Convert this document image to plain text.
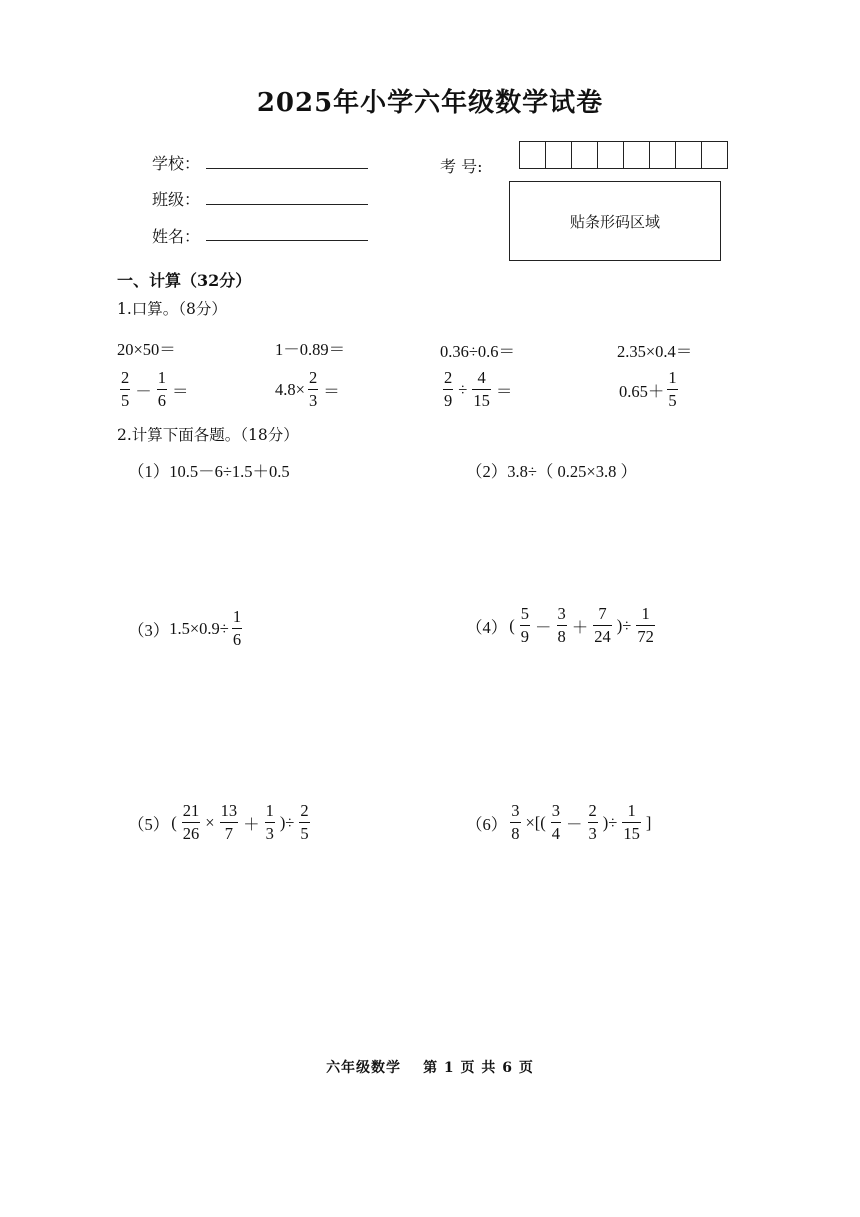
2025年小学六年级数学试卷
学校：
班级：
姓名：
考 号:
贴条形码区域
一、计算（32分）
1.口算。（8分）
20×50＝	1－0.89＝	0.36÷0.6＝	2.35×0.4＝
$\frac{2}{5} - \frac{1}{6}$ ＝	$4.8\times \frac{2}{3}$ ＝	$\frac{2}{9} \div \frac{4}{15}$ ＝	$0.65+ \frac{1}{5}$
2.计算下面各题。（18分）
（1） 10.5－6÷1.5＋0.5	（2） 3.8÷（ 0.25×3.8 ）
（3） $1.5\times 0.9\div \frac{1}{6}$	（4） ( $\frac{5}{9} - \frac{3}{8} + \frac{7}{24}$ )÷ $\frac{1}{72}$
（5） ( $\frac{21}{26} \times \frac{13}{7} + \frac{1}{3}$ )÷ $\frac{2}{5}$	$(6) \frac{3}{8}$ ×[( $\frac{3}{4} - \frac{2}{3}$ )÷ $\frac{1}{15}$ ]
六年级数学 第 1 页 共 6 页
